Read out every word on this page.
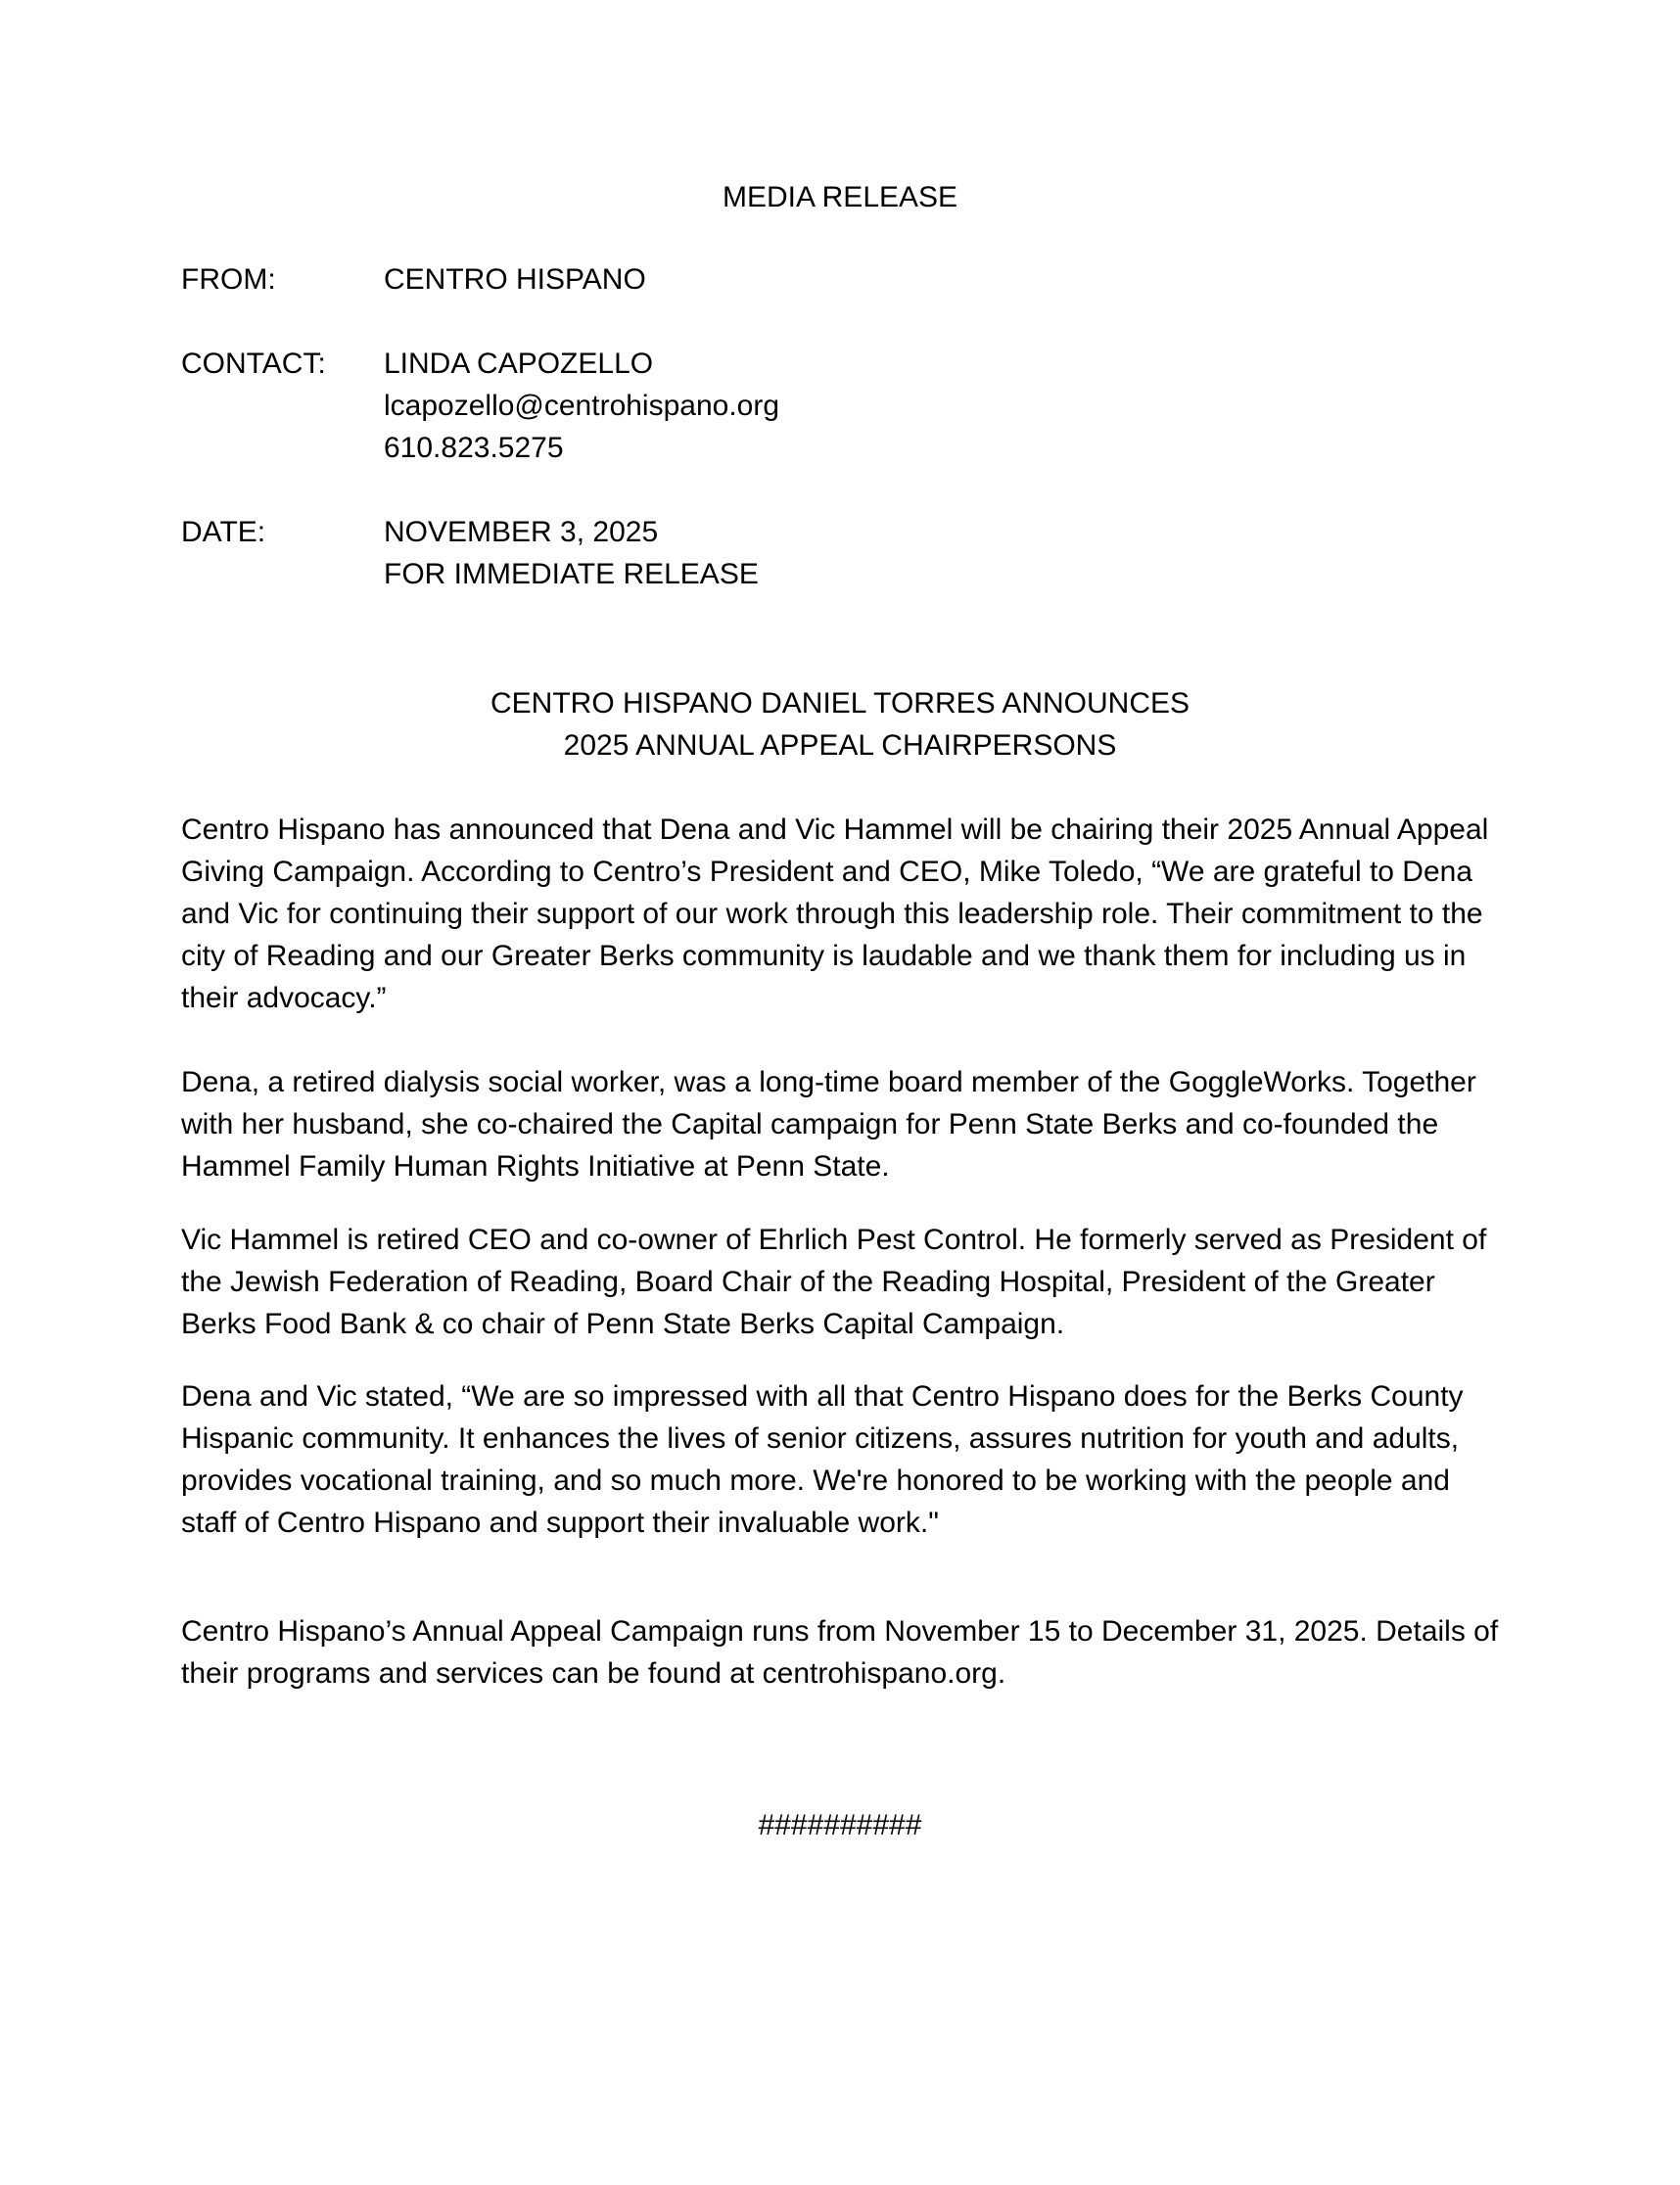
MEDIA RELEASE
FROM:	CENTRO HISPANO
CONTACT: LINDA CAPOZELLO
lcapozello@centrohispano.org
610.823.5275
DATE:	NOVEMBER 3, 2025
FOR IMMEDIATE RELEASE
CENTRO HISPANO DANIEL TORRES ANNOUNCES
2025 ANNUAL APPEAL CHAIRPERSONS

Centro Hispano has announced that Dena and Vic Hammel will be chairing their 2025 Annual Appeal Giving Campaign. According to Centro’s President and CEO, Mike Toledo, “We are grateful to Dena and Vic for continuing their support of our work through this leadership role. Their commitment to the city of Reading and our Greater Berks community is laudable and we thank them for including us in their advocacy.”

Dena, a retired dialysis social worker, was a long-time board member of the GoggleWorks. Together with her husband, she co-chaired the Capital campaign for Penn State Berks and co-founded the Hammel Family Human Rights Initiative at Penn State.

Vic Hammel is retired CEO and co-owner of Ehrlich Pest Control. He formerly served as President of the Jewish Federation of Reading, Board Chair of the Reading Hospital, President of the Greater Berks Food Bank & co chair of Penn State Berks Capital Campaign.

Dena and Vic stated, “We are so impressed with all that Centro Hispano does for the Berks County Hispanic community. It enhances the lives of senior citizens, assures nutrition for youth and adults, provides vocational training, and so much more. We're honored to be working with the people and staff of Centro Hispano and support their invaluable work."

Centro Hispano’s Annual Appeal Campaign runs from November 15 to December 31, 2025. Details of their programs and services can be found at centrohispano.org.

##########
